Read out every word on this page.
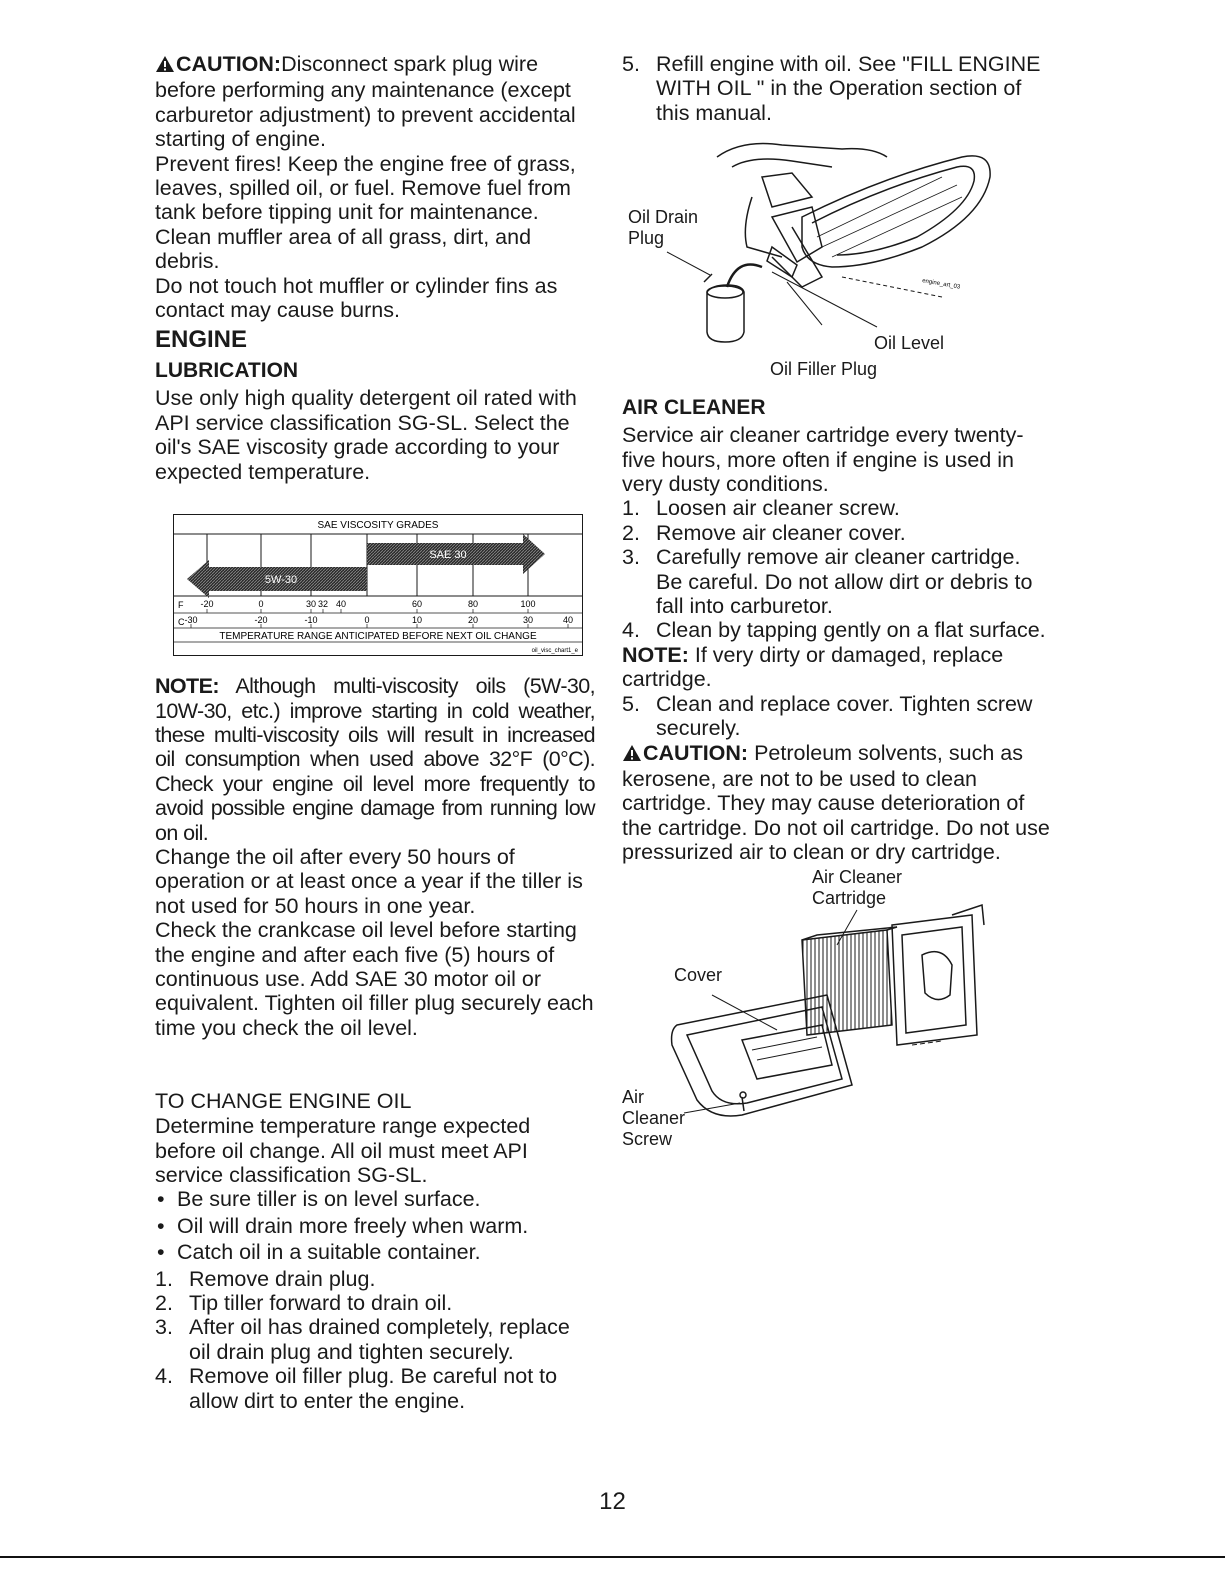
CAUTION:Disconnect spark plug wire before performing any maintenance (except carburetor adjustment) to prevent accidental starting of engine.

Prevent fires! Keep the engine free of grass, leaves, spilled oil, or fuel. Remove fuel from tank before tipping unit for maintenance. Clean muffler area of all grass, dirt, and debris.

Do not touch hot muffler or cylinder fins as contact may cause burns.

ENGINE
LUBRICATION

Use only high quality detergent oil rated with API service classification SG-SL. Select the oil's SAE viscosity grade according to your expected temperature.

SAE VISCOSITY GRADES
SAE 30
5W-30
F -20	0	30 32 40	60	80	100
C -30	-20	-10	0	10	20	30	40
TEMPERATURE RANGE ANTICIPATED BEFORE NEXT OIL CHANGE
oil_visc_chart1_e

NOTE: Although multi-viscosity oils (5W-30, 10W-30, etc.) improve starting in cold weather, these multi-viscosity oils will result in increased oil consumption when used above 32°F (0°C). Check your engine oil level more frequently to avoid possible engine damage from running low on oil.

Change the oil after every 50 hours of operation or at least once a year if the tiller is not used for 50 hours in one year.

Check the crankcase oil level before starting the engine and after each five (5) hours of continuous use. Add SAE 30 motor oil or equivalent. Tighten oil filler plug securely each time you check the oil level.

TO CHANGE ENGINE OIL

Determine temperature range expected before oil change. All oil must meet API service classification SG-SL.

• Be sure tiller is on level surface.
• Oil will drain more freely when warm.
• Catch oil in a suitable container.
1. Remove drain plug.
2. Tip tiller forward to drain oil.
3. After oil has drained completely, replace oil drain plug and tighten securely.
4. Remove oil filler plug. Be careful not to allow dirt to enter the engine.
5. Refill engine with oil. See "FILL ENGINE WITH OIL " in the Operation section of this manual.
engine_art_03
Oil Drain Plug
Oil Level
Oil Filler Plug
AIR CLEANER

Service air cleaner cartridge every twenty-five hours, more often if engine is used in very dusty conditions.

1. Loosen air cleaner screw.
2. Remove air cleaner cover.
3. Carefully remove air cleaner cartridge. Be careful. Do not allow dirt or debris to fall into carburetor.
4. Clean by tapping gently on a flat surface.

NOTE: If very dirty or damaged, replace cartridge.

5. Clean and replace cover. Tighten screw securely.

CAUTION: Petroleum solvents, such as kerosene, are not to be used to clean cartridge. They may cause deterioration of the cartridge. Do not oil cartridge. Do not use pressurized air to clean or dry cartridge.

Air Cleaner Cartridge
Cover
Air Cleaner Screw
12
